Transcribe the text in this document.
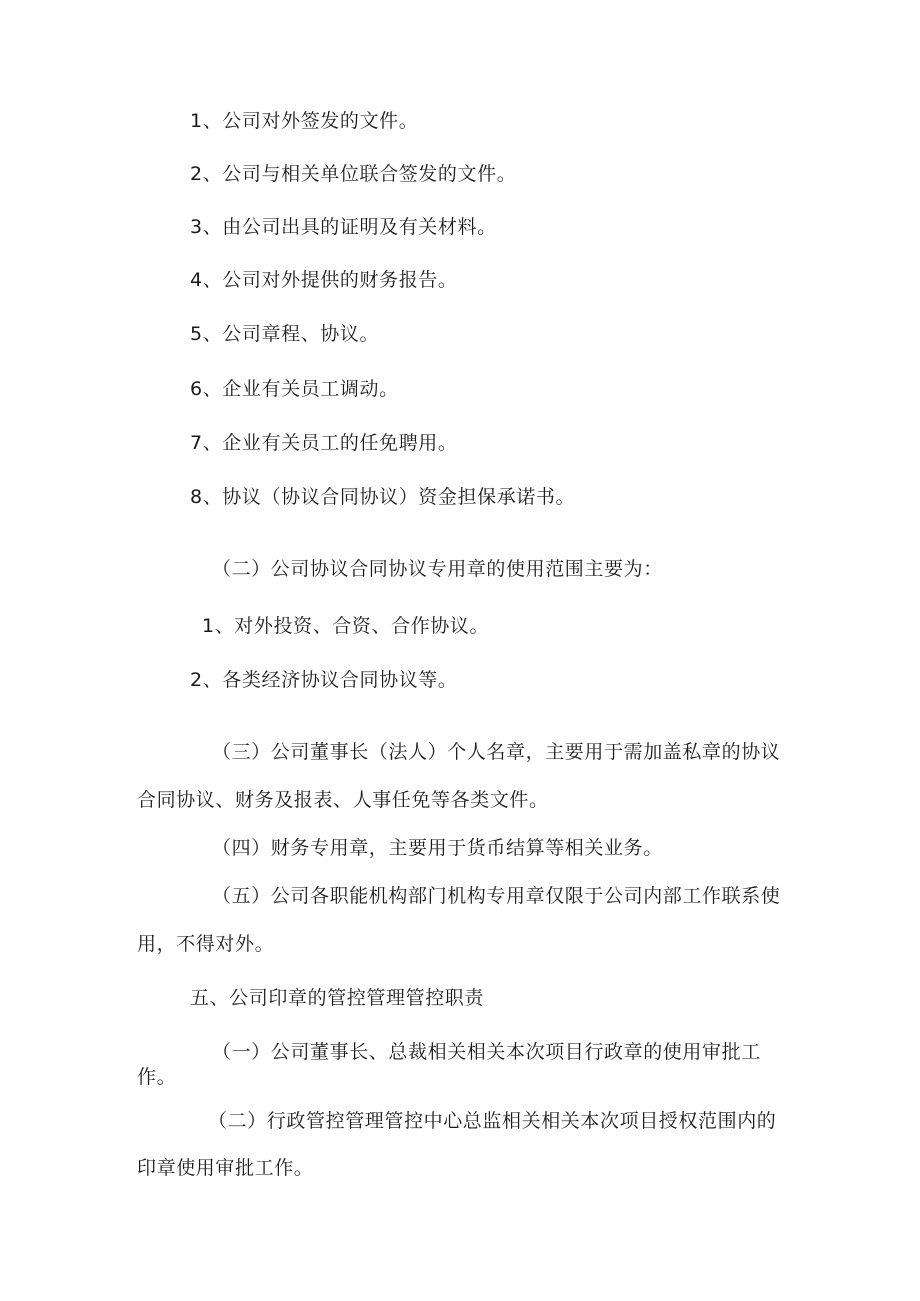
1、公司对外签发的文件。
2、公司与相关单位联合签发的文件。
3、由公司出具的证明及有关材料。
4、公司对外提供的财务报告。
5、公司章程、协议。
6、企业有关员工调动。
7、企业有关员工的任免聘用。
8、协议（协议合同协议）资金担保承诺书。
（二）公司协议合同协议专用章的使用范围主要为：
1、对外投资、合资、合作协议。
2、各类经济协议合同协议等。
（三）公司董事长（法人）个人名章，主要用于需加盖私章的协议
合同协议、财务及报表、人事任免等各类文件。
（四）财务专用章，主要用于货币结算等相关业务。
（五）公司各职能机构部门机构专用章仅限于公司内部工作联系使
用，不得对外。
五、公司印章的管控管理管控职责
（一）公司董事长、总裁相关相关本次项目行政章的使用审批工
作。
（二）行政管控管理管控中心总监相关相关本次项目授权范围内的
印章使用审批工作。
